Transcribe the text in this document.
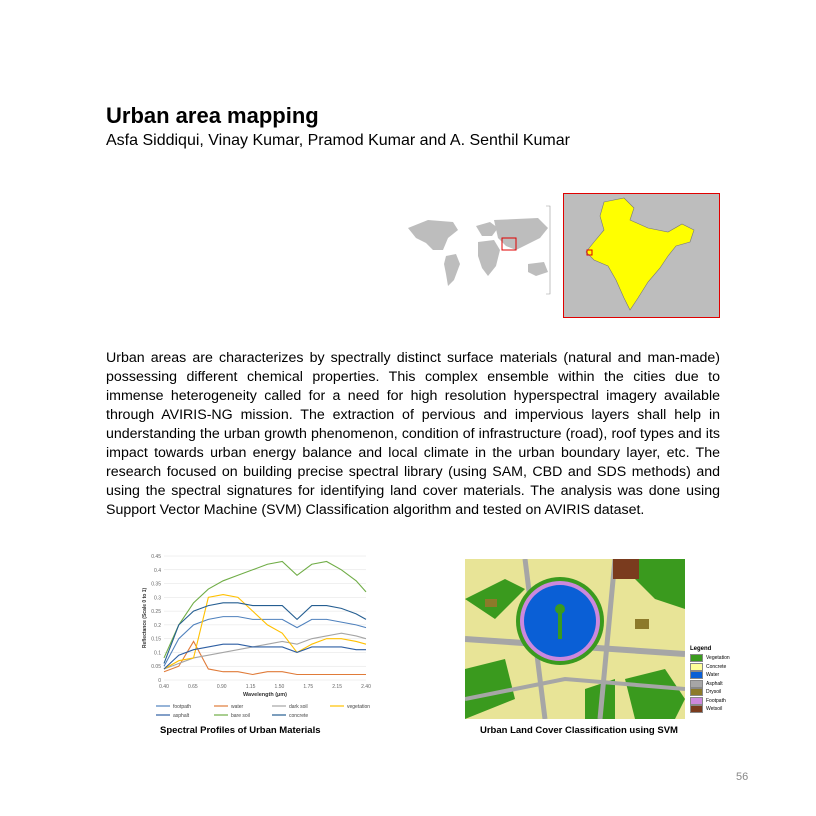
Urban area mapping
Asfa Siddiqui, Vinay Kumar, Pramod Kumar and A. Senthil Kumar
Urban areas are characterizes by spectrally distinct surface materials (natural and man-made) possessing different chemical properties. This complex ensemble within the cities due to immense heterogeneity called for a need for high resolution hyperspectral imagery available through AVIRIS-NG mission. The extraction of pervious and impervious layers shall help in understanding the urban growth phenomenon, condition of infrastructure (road), roof types and its impact towards urban energy balance and local climate in the urban boundary layer, etc. The research focused on building precise spectral library (using SAM, CBD and SDS methods) and using the spectral signatures for identifying land cover materials. The analysis was done using Support Vector Machine (SVM) Classification algorithm and tested on AVIRIS dataset.
0
0.05
0.1
0.15
0.2
0.25
0.3
0.35
0.4
0.45
0.40	0.65	0.90	1.15	1.50	1.75	2.15	2.40
Wavelength (µm)
Reflectance (Scale 0 to 1)
footpath	water	dark soil	vegetation
asphalt	bare soil	concrete
Legend
Vegetation
Concrete
Water
Asphalt
Drysoil
Footpath
Wetsoil
Spectral Profiles of Urban Materials	Urban Land Cover Classification using SVM
56
